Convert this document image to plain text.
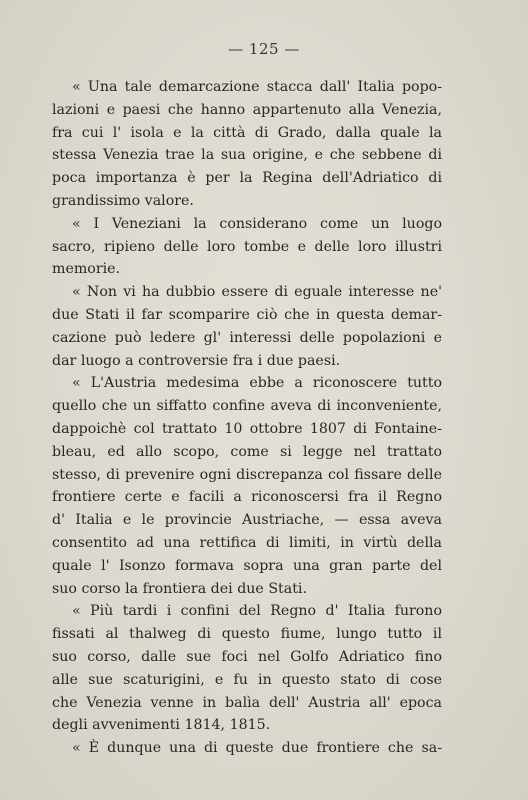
— 125 —
« Una tale demarcazione stacca dall' Italia popo-
lazioni e paesi che hanno appartenuto alla Venezia,
fra cui l' isola e la città di Grado, dalla quale la
stessa Venezia trae la sua origine, e che sebbene di
poca importanza è per la Regina dell'Adriatico di
grandissimo valore.
« I Veneziani la considerano come un luogo
sacro, ripieno delle loro tombe e delle loro illustri
memorie.
« Non vi ha dubbio essere di eguale interesse ne'
due Stati il far scomparire ciò che in questa demar-
cazione può ledere gl' interessi delle popolazioni e
dar luogo a controversie fra i due paesi.
« L'Austria medesima ebbe a riconoscere tutto
quello che un siffatto confine aveva di inconveniente,
dappoichè col trattato 10 ottobre 1807 di Fontaine-
bleau, ed allo scopo, come si legge nel trattato
stesso, di prevenire ogni discrepanza col fissare delle
frontiere certe e facili a riconoscersi fra il Regno
d' Italia e le provincie Austriache, — essa aveva
consentito ad una rettifica di limiti, in virtù della
quale l' Isonzo formava sopra una gran parte del
suo corso la frontiera dei due Stati.
« Più tardi i confini del Regno d' Italia furono
fissati al thalweg di questo fiume, lungo tutto il
suo corso, dalle sue foci nel Golfo Adriatico fino
alle sue scaturigini, e fu in questo stato di cose
che Venezia venne in balìa dell' Austria all' epoca
degli avvenimenti 1814, 1815.
« È dunque una di queste due frontiere che sa-
